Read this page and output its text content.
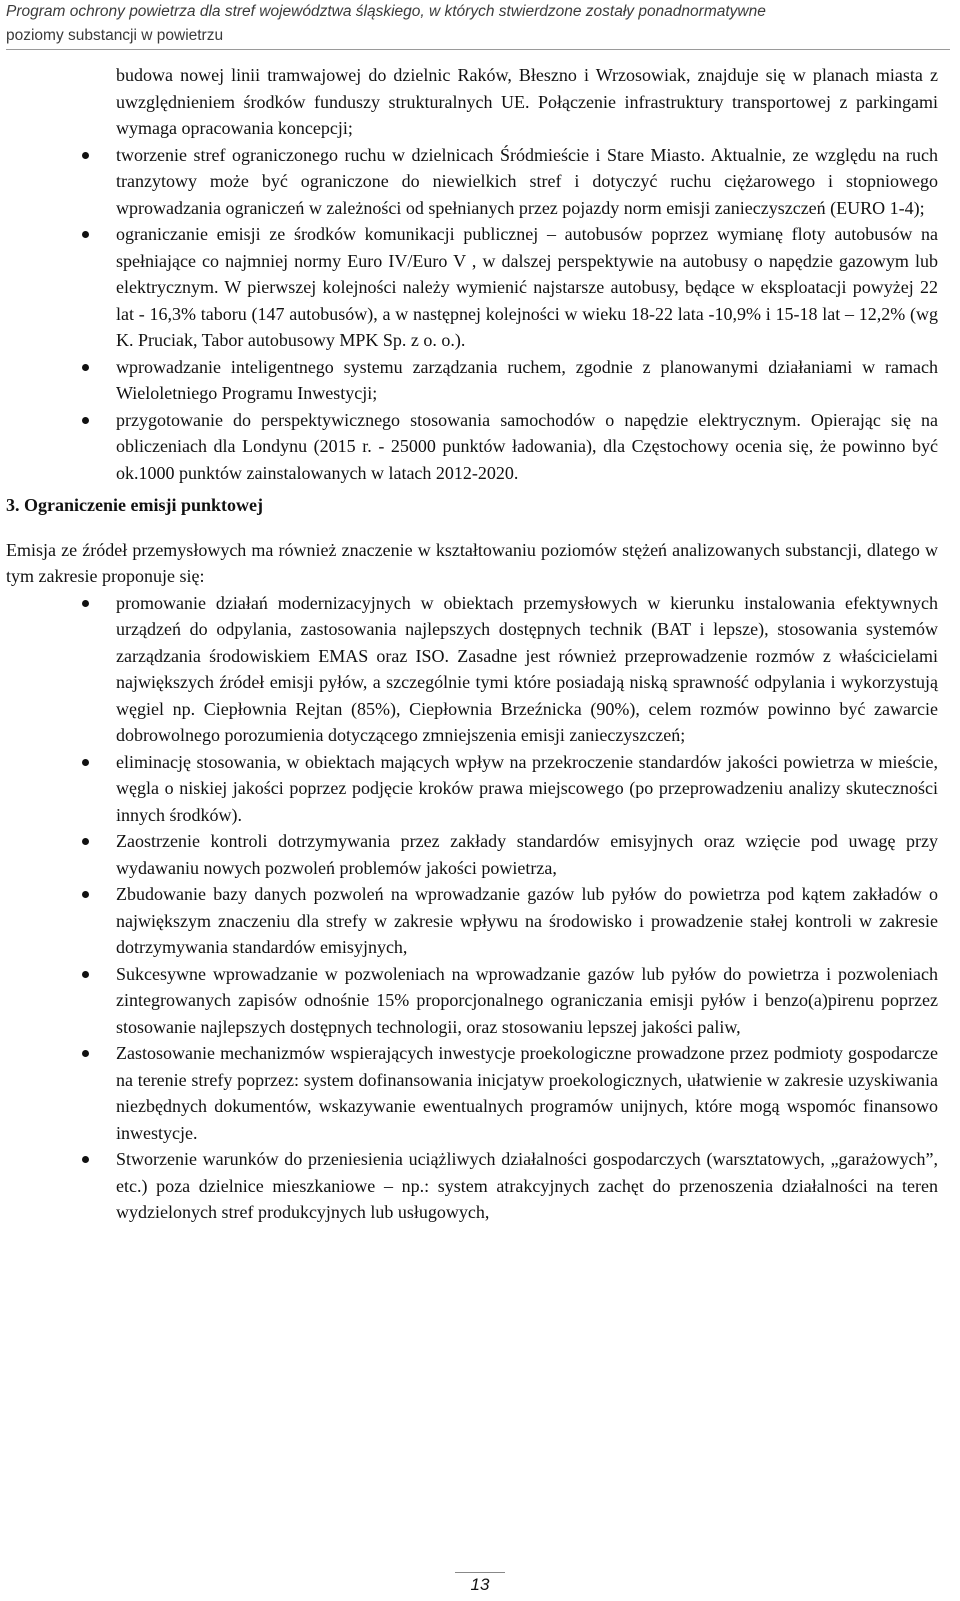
Program ochrony powietrza dla stref województwa śląskiego, w których stwierdzone zostały ponadnormatywne
poziomy substancji w powietrzu
budowa nowej linii tramwajowej do dzielnic Raków, Błeszno i Wrzosowiak, znajduje się w planach miasta z uwzględnieniem środków funduszy strukturalnych UE. Połączenie infrastruktury transportowej z parkingami wymaga opracowania koncepcji;
tworzenie stref ograniczonego ruchu w dzielnicach Śródmieście i Stare Miasto. Aktualnie, ze względu na ruch tranzytowy może być ograniczone do niewielkich stref i dotyczyć ruchu ciężarowego i stopniowego wprowadzania ograniczeń w zależności od spełnianych przez pojazdy norm emisji zanieczyszczeń (EURO 1-4);
ograniczanie emisji ze środków komunikacji publicznej – autobusów poprzez wymianę floty autobusów na spełniające co najmniej normy Euro IV/Euro V , w dalszej perspektywie na autobusy o napędzie gazowym lub elektrycznym. W pierwszej kolejności należy wymienić najstarsze autobusy, będące w eksploatacji powyżej 22 lat - 16,3% taboru (147 autobusów), a w następnej kolejności w wieku 18-22 lata -10,9% i 15-18 lat – 12,2% (wg K. Pruciak, Tabor autobusowy MPK Sp. z o. o.).
wprowadzanie inteligentnego systemu zarządzania ruchem, zgodnie z planowanymi działaniami w ramach Wieloletniego Programu Inwestycji;
przygotowanie do perspektywicznego stosowania samochodów o napędzie elektrycznym. Opierając się na obliczeniach dla Londynu (2015 r. - 25000 punktów ładowania), dla Częstochowy ocenia się, że powinno być ok.1000 punktów zainstalowanych w latach 2012-2020.
3. Ograniczenie emisji punktowej
Emisja ze źródeł przemysłowych ma również znaczenie w kształtowaniu poziomów stężeń analizowanych substancji, dlatego w tym zakresie proponuje się:
promowanie działań modernizacyjnych w obiektach przemysłowych w kierunku instalowania efektywnych urządzeń do odpylania, zastosowania najlepszych dostępnych technik (BAT i lepsze), stosowania systemów zarządzania środowiskiem EMAS oraz ISO. Zasadne jest również przeprowadzenie rozmów z właścicielami największych źródeł emisji pyłów, a szczególnie tymi które posiadają niską sprawność odpylania i wykorzystują węgiel np. Ciepłownia Rejtan (85%), Ciepłownia Brzeźnicka (90%), celem rozmów powinno być zawarcie dobrowolnego porozumienia dotyczącego zmniejszenia emisji zanieczyszczeń;
eliminację stosowania, w obiektach mających wpływ na przekroczenie standardów jakości powietrza w mieście, węgla o niskiej jakości poprzez podjęcie kroków prawa miejscowego (po przeprowadzeniu analizy skuteczności innych środków).
Zaostrzenie kontroli dotrzymywania przez zakłady standardów emisyjnych oraz wzięcie pod uwagę przy wydawaniu nowych pozwoleń problemów jakości powietrza,
Zbudowanie bazy danych pozwoleń na wprowadzanie gazów lub pyłów do powietrza pod kątem zakładów o największym znaczeniu dla strefy w zakresie wpływu na środowisko i prowadzenie stałej kontroli w zakresie dotrzymywania standardów emisyjnych,
Sukcesywne wprowadzanie w pozwoleniach na wprowadzanie gazów lub pyłów do powietrza i pozwoleniach zintegrowanych zapisów odnośnie 15% proporcjonalnego ograniczania emisji pyłów i benzo(a)pirenu poprzez stosowanie najlepszych dostępnych technologii, oraz stosowaniu lepszej jakości paliw,
Zastosowanie mechanizmów wspierających inwestycje proekologiczne prowadzone przez podmioty gospodarcze na terenie strefy poprzez: system dofinansowania inicjatyw proekologicznych, ułatwienie w zakresie uzyskiwania niezbędnych dokumentów, wskazywanie ewentualnych programów unijnych, które mogą wspomóc finansowo inwestycje.
Stworzenie warunków do przeniesienia uciążliwych działalności gospodarczych (warsztatowych, „garażowych”, etc.) poza dzielnice mieszkaniowe – np.: system atrakcyjnych zachęt do przenoszenia działalności na teren wydzielonych stref produkcyjnych lub usługowych,
13
